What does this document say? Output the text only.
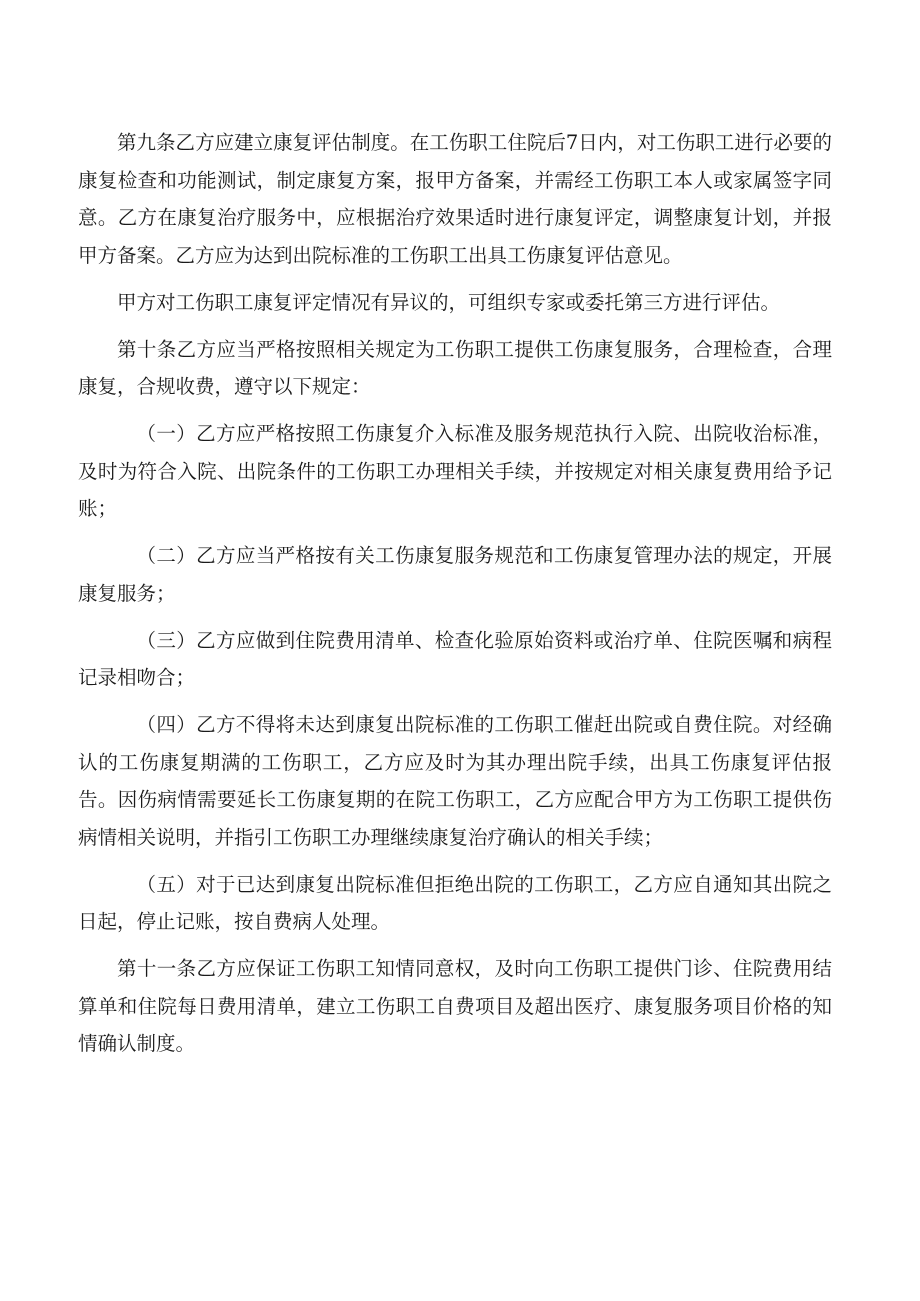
第九条乙方应建立康复评估制度。在工伤职工住院后7日内，对工伤职工进行必要的康复检查和功能测试，制定康复方案，报甲方备案，并需经工伤职工本人或家属签字同意。乙方在康复治疗服务中，应根据治疗效果适时进行康复评定，调整康复计划，并报甲方备案。乙方应为达到出院标准的工伤职工出具工伤康复评估意见。

甲方对工伤职工康复评定情况有异议的，可组织专家或委托第三方进行评估。

第十条乙方应当严格按照相关规定为工伤职工提供工伤康复服务，合理检查，合理康复，合规收费，遵守以下规定：

（一）乙方应严格按照工伤康复介入标准及服务规范执行入院、出院收治标准，及时为符合入院、出院条件的工伤职工办理相关手续，并按规定对相关康复费用给予记账；

（二）乙方应当严格按有关工伤康复服务规范和工伤康复管理办法的规定，开展康复服务；

（三）乙方应做到住院费用清单、检查化验原始资料或治疗单、住院医嘱和病程记录相吻合；

（四）乙方不得将未达到康复出院标准的工伤职工催赶出院或自费住院。对经确认的工伤康复期满的工伤职工，乙方应及时为其办理出院手续，出具工伤康复评估报告。因伤病情需要延长工伤康复期的在院工伤职工，乙方应配合甲方为工伤职工提供伤病情相关说明，并指引工伤职工办理继续康复治疗确认的相关手续；

（五）对于已达到康复出院标准但拒绝出院的工伤职工，乙方应自通知其出院之日起，停止记账，按自费病人处理。

第十一条乙方应保证工伤职工知情同意权，及时向工伤职工提供门诊、住院费用结算单和住院每日费用清单，建立工伤职工自费项目及超出医疗、康复服务项目价格的知情确认制度。
